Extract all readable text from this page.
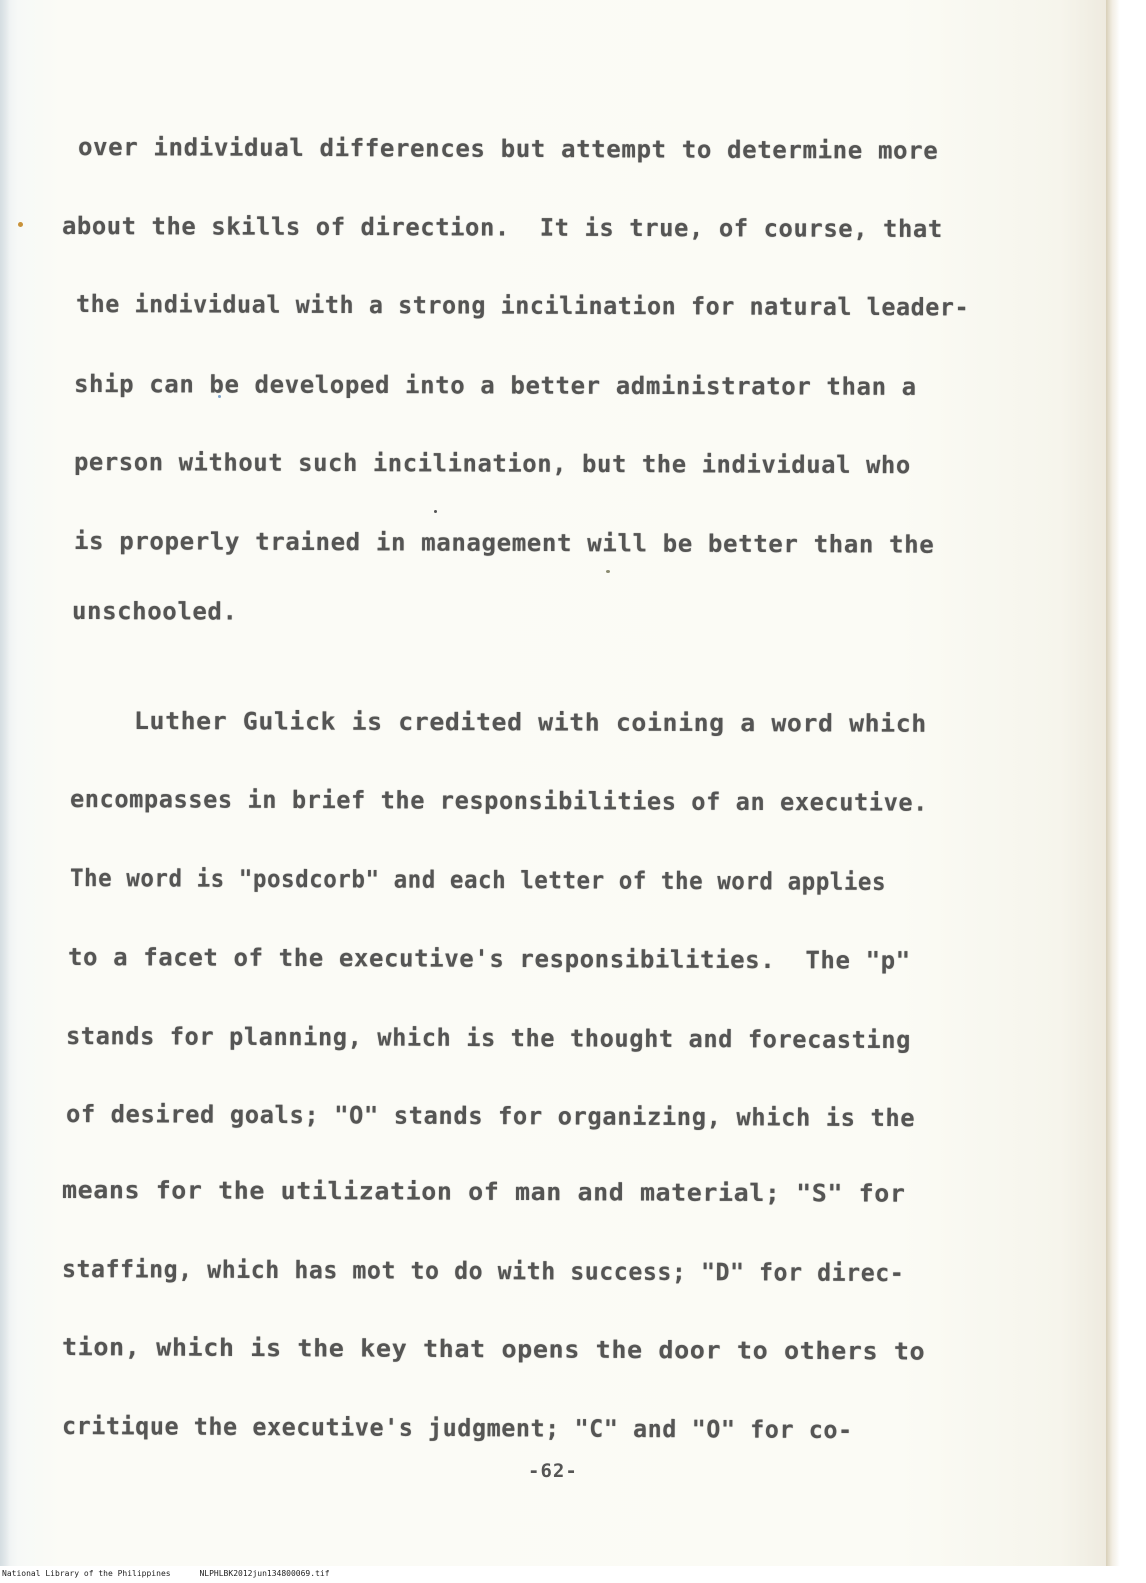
over individual differences but attempt to determine more

about the skills of direction.  It is true, of course, that

the individual with a strong incilination for natural leader-

ship can be developed into a better administrator than a

person without such incilination, but the individual who

is properly trained in management will be better than the

unschooled.

Luther Gulick is credited with coining a word which

encompasses in brief the responsibilities of an executive.

The word is "posdcorb" and each letter of the word applies

to a facet of the executive's responsibilities.  The "p"

stands for planning, which is the thought and forecasting

of desired goals; "O" stands for organizing, which is the

means for the utilization of man and material; "S" for

staffing, which has mot to do with success; "D" for direc-

tion, which is the key that opens the door to others to

critique the executive's judgment; "C" and "O" for co-

-62-

National Library of the Philippines      NLPHLBK2012jun134800069.tif
